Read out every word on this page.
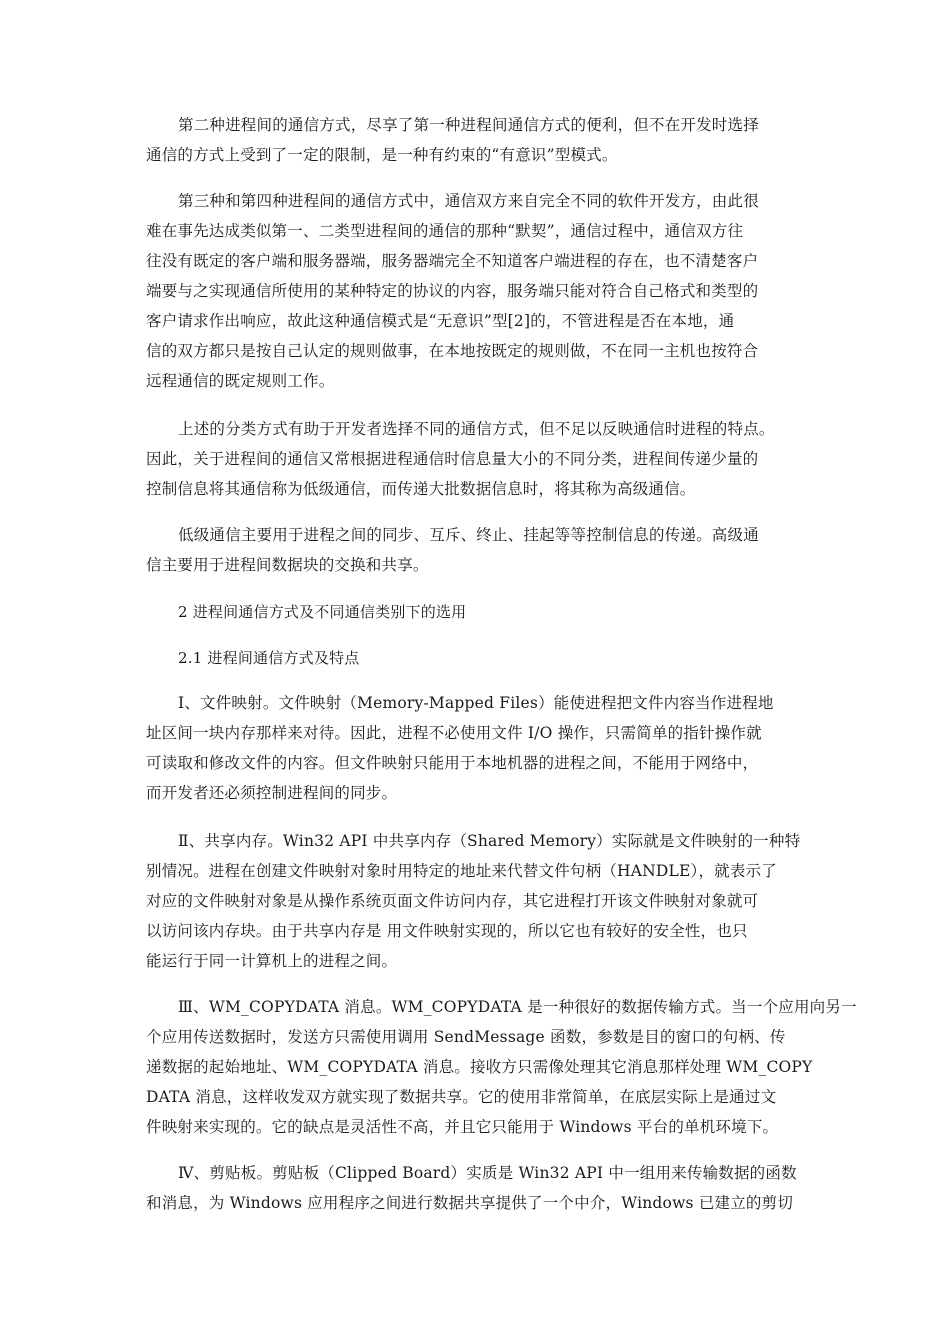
第二种进程间的通信方式，尽享了第一种进程间通信方式的便利，但不在开发时选择
通信的方式上受到了一定的限制，是一种有约束的“有意识”型模式。
第三种和第四种进程间的通信方式中，通信双方来自完全不同的软件开发方，由此很
难在事先达成类似第一、二类型进程间的通信的那种“默契”，通信过程中，通信双方往
往没有既定的客户端和服务器端，服务器端完全不知道客户端进程的存在，也不清楚客户
端要与之实现通信所使用的某种特定的协议的内容，服务端只能对符合自己格式和类型的
客户请求作出响应，故此这种通信模式是“无意识”型[2]的，不管进程是否在本地，通
信的双方都只是按自己认定的规则做事，在本地按既定的规则做，不在同一主机也按符合
远程通信的既定规则工作。
上述的分类方式有助于开发者选择不同的通信方式，但不足以反映通信时进程的特点。
因此，关于进程间的通信又常根据进程通信时信息量大小的不同分类，进程间传递少量的
控制信息将其通信称为低级通信，而传递大批数据信息时，将其称为高级通信。
低级通信主要用于进程之间的同步、互斥、终止、挂起等等控制信息的传递。高级通
信主要用于进程间数据块的交换和共享。
2 进程间通信方式及不同通信类别下的选用
2.1 进程间通信方式及特点
Ⅰ、文件映射。文件映射（Memory-Mapped Files）能使进程把文件内容当作进程地
址区间一块内存那样来对待。因此，进程不必使用文件 I/O 操作，只需简单的指针操作就
可读取和修改文件的内容。但文件映射只能用于本地机器的进程之间，不能用于网络中，
而开发者还必须控制进程间的同步。
Ⅱ、共享内存。Win32 API 中共享内存（Shared Memory）实际就是文件映射的一种特
别情况。进程在创建文件映射对象时用特定的地址来代替文件句柄（HANDLE），就表示了
对应的文件映射对象是从操作系统页面文件访问内存，其它进程打开该文件映射对象就可
以访问该内存块。由于共享内存是 用文件映射实现的，所以它也有较好的安全性，也只
能运行于同一计算机上的进程之间。
Ⅲ、WM_COPYDATA 消息。WM_COPYDATA 是一种很好的数据传输方式。当一个应用向另一
个应用传送数据时，发送方只需使用调用 SendMessage 函数，参数是目的窗口的句柄、传
递数据的起始地址、WM_COPYDATA 消息。接收方只需像处理其它消息那样处理 WM_COPY
DATA 消息，这样收发双方就实现了数据共享。它的使用非常简单，在底层实际上是通过文
件映射来实现的。它的缺点是灵活性不高，并且它只能用于 Windows 平台的单机环境下。
Ⅳ、剪贴板。剪贴板（Clipped Board）实质是 Win32 API 中一组用来传输数据的函数
和消息，为 Windows 应用程序之间进行数据共享提供了一个中介，Windows 已建立的剪切
